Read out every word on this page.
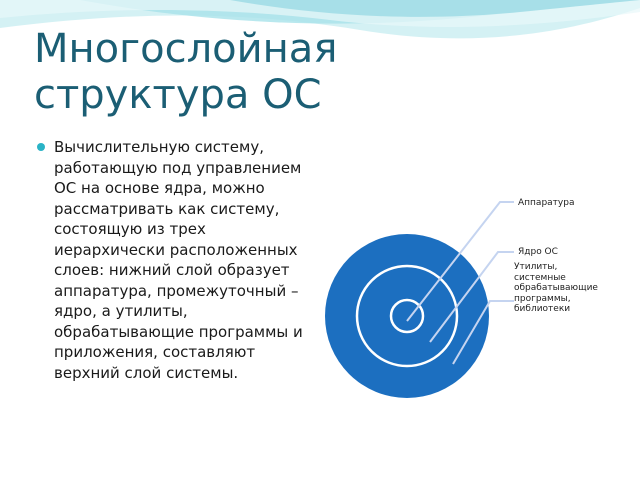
Многослойная структура ОС
Вычислительную систему, работающую под управлением ОС на основе ядра, можно рассматривать как систему, состоящую из трех иерархически расположенных слоев: нижний слой образует аппаратура, промежуточный – ядро, а утилиты, обрабатывающие программы и приложения, составляют верхний слой системы.
Аппаратура
Ядро ОС
Утилиты, системные обрабатывающие программы, библиотеки
